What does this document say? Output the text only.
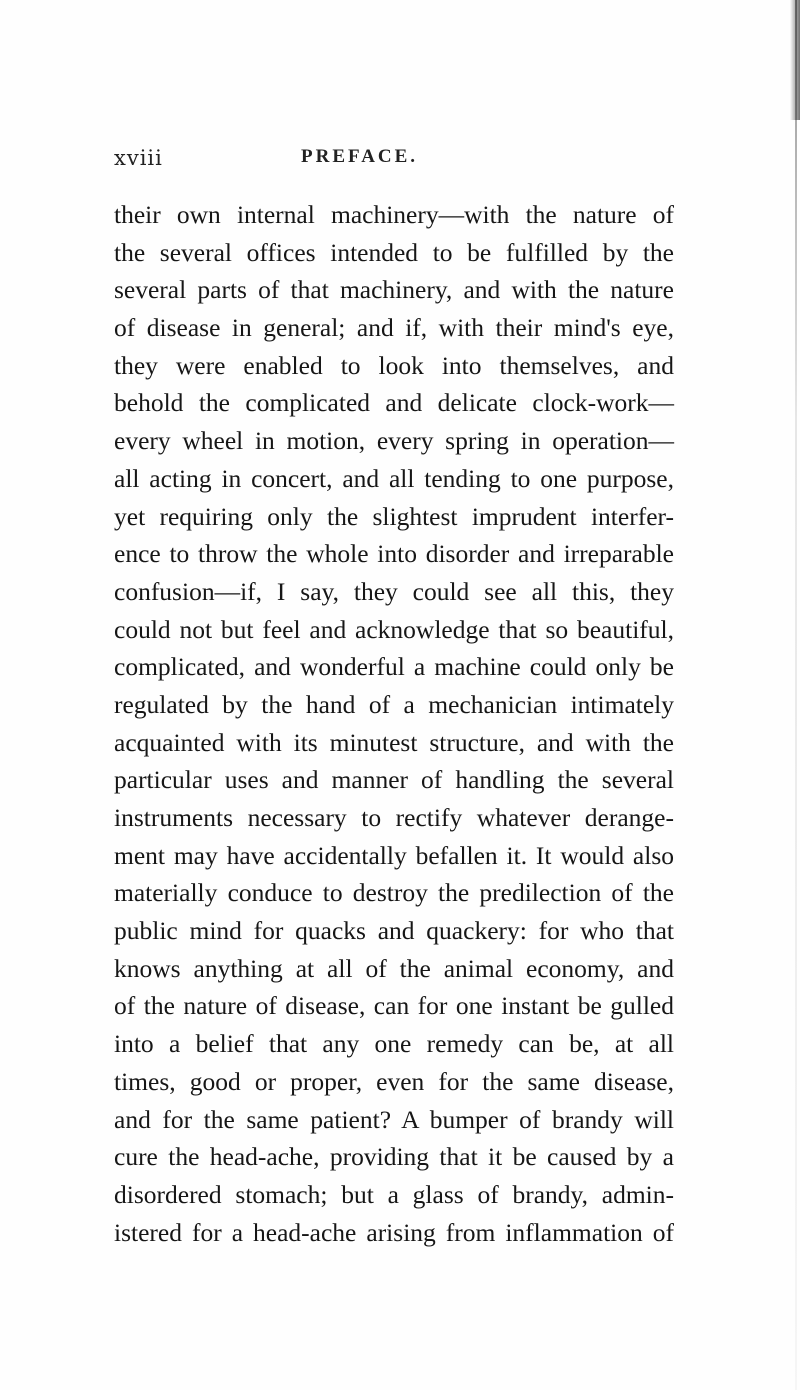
xviii	PREFACE.
their own internal machinery—with the nature of
the several offices intended to be fulfilled by the
several parts of that machinery, and with the nature
of disease in general; and if, with their mind's eye,
they were enabled to look into themselves, and
behold the complicated and delicate clock-work—
every wheel in motion, every spring in operation—
all acting in concert, and all tending to one purpose,
yet requiring only the slightest imprudent interfer-
ence to throw the whole into disorder and irreparable
confusion—if, I say, they could see all this, they
could not but feel and acknowledge that so beautiful,
complicated, and wonderful a machine could only be
regulated by the hand of a mechanician intimately
acquainted with its minutest structure, and with the
particular uses and manner of handling the several
instruments necessary to rectify whatever derange-
ment may have accidentally befallen it. It would also
materially conduce to destroy the predilection of the
public mind for quacks and quackery: for who that
knows anything at all of the animal economy, and
of the nature of disease, can for one instant be gulled
into a belief that any one remedy can be, at all
times, good or proper, even for the same disease,
and for the same patient? A bumper of brandy will
cure the head-ache, providing that it be caused by a
disordered stomach; but a glass of brandy, admin-
istered for a head-ache arising from inflammation of
